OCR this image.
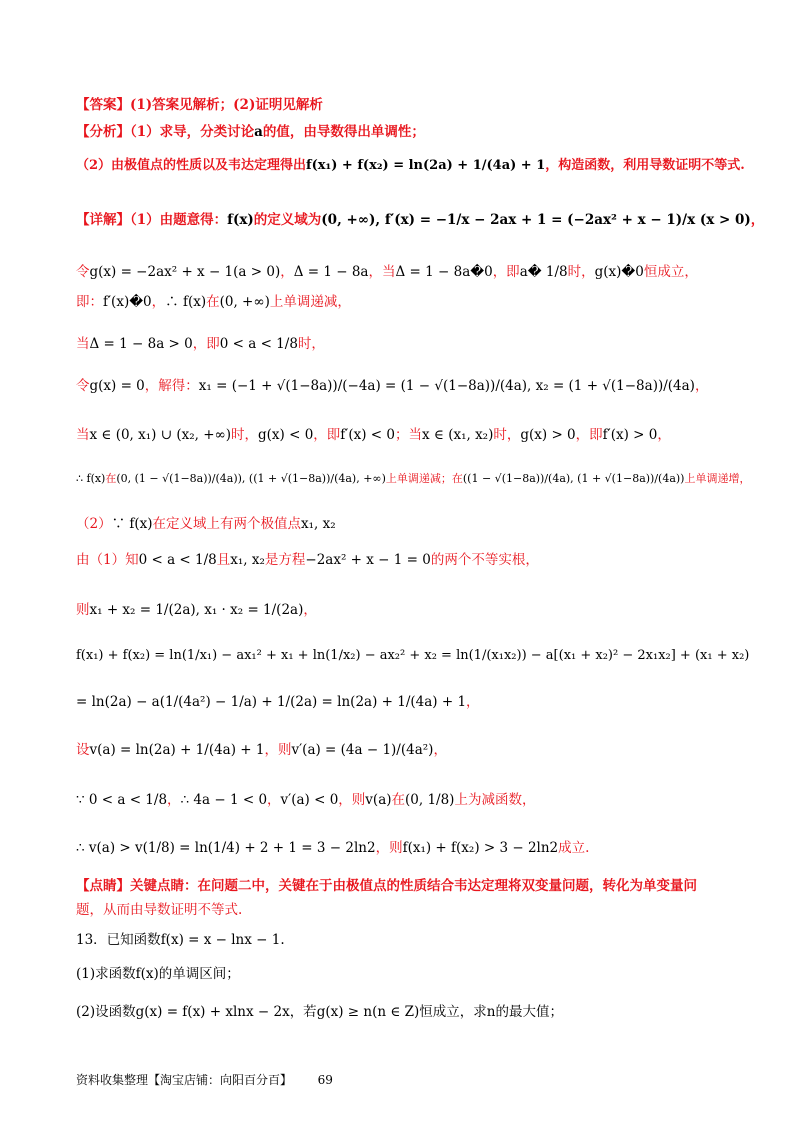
【答案】(1)答案见解析；(2)证明见解析
【分析】（1）求导，分类讨论a的值，由导数得出单调性；
（2）由极值点的性质以及韦达定理得出f(x₁) + f(x₂) = ln(2a) + 1/(4a) + 1，构造函数，利用导数证明不等式.
【详解】（1）由题意得：f(x)的定义域为(0, +∞), f′(x) = −1/x − 2ax + 1 = (−2ax² + x − 1)/x (x > 0)，
令g(x) = −2ax² + x − 1(a > 0)，Δ = 1 − 8a，当Δ = 1 − 8a�0，即a� 1/8时，g(x)�0恒成立，
即：f′(x)�0，∴ f(x)在(0, +∞)上单调递减，
当Δ = 1 − 8a > 0，即0 < a < 1/8时，
令g(x) = 0，解得：x₁ = (−1 + √(1−8a))/(−4a) = (1 − √(1−8a))/(4a), x₂ = (1 + √(1−8a))/(4a)，
当x ∈ (0, x₁) ∪ (x₂, +∞)时，g(x) < 0，即f′(x) < 0；当x ∈ (x₁, x₂)时，g(x) > 0，即f′(x) > 0，
∴ f(x)在(0, (1 − √(1−8a))/(4a)), ((1 + √(1−8a))/(4a), +∞)上单调递减；在((1 − √(1−8a))/(4a), (1 + √(1−8a))/(4a))上单调递增，
（2）∵ f(x)在定义域上有两个极值点x₁, x₂
由（1）知0 < a < 1/8且x₁, x₂是方程−2ax² + x − 1 = 0的两个不等实根，
则x₁ + x₂ = 1/(2a), x₁ · x₂ = 1/(2a)，
f(x₁) + f(x₂) = ln(1/x₁) − ax₁² + x₁ + ln(1/x₂) − ax₂² + x₂ = ln(1/(x₁x₂)) − a[(x₁ + x₂)² − 2x₁x₂] + (x₁ + x₂)
= ln(2a) − a(1/(4a²) − 1/a) + 1/(2a) = ln(2a) + 1/(4a) + 1，
设v(a) = ln(2a) + 1/(4a) + 1，则v′(a) = (4a − 1)/(4a²)，
∵ 0 < a < 1/8，∴ 4a − 1 < 0，v′(a) < 0，则v(a)在(0, 1/8)上为减函数，
∴ v(a) > v(1/8) = ln(1/4) + 2 + 1 = 3 − 2ln2，则f(x₁) + f(x₂) > 3 − 2ln2成立.
【点睛】关键点睛：在问题二中，关键在于由极值点的性质结合韦达定理将双变量问题，转化为单变量问
题，从而由导数证明不等式.
13．已知函数f(x) = x − lnx − 1.
(1)求函数f(x)的单调区间；
(2)设函数g(x) = f(x) + xlnx − 2x，若g(x) ≥ n(n ∈ Z)恒成立，求n的最大值；
资料收集整理【淘宝店铺：向阳百分百】 69
